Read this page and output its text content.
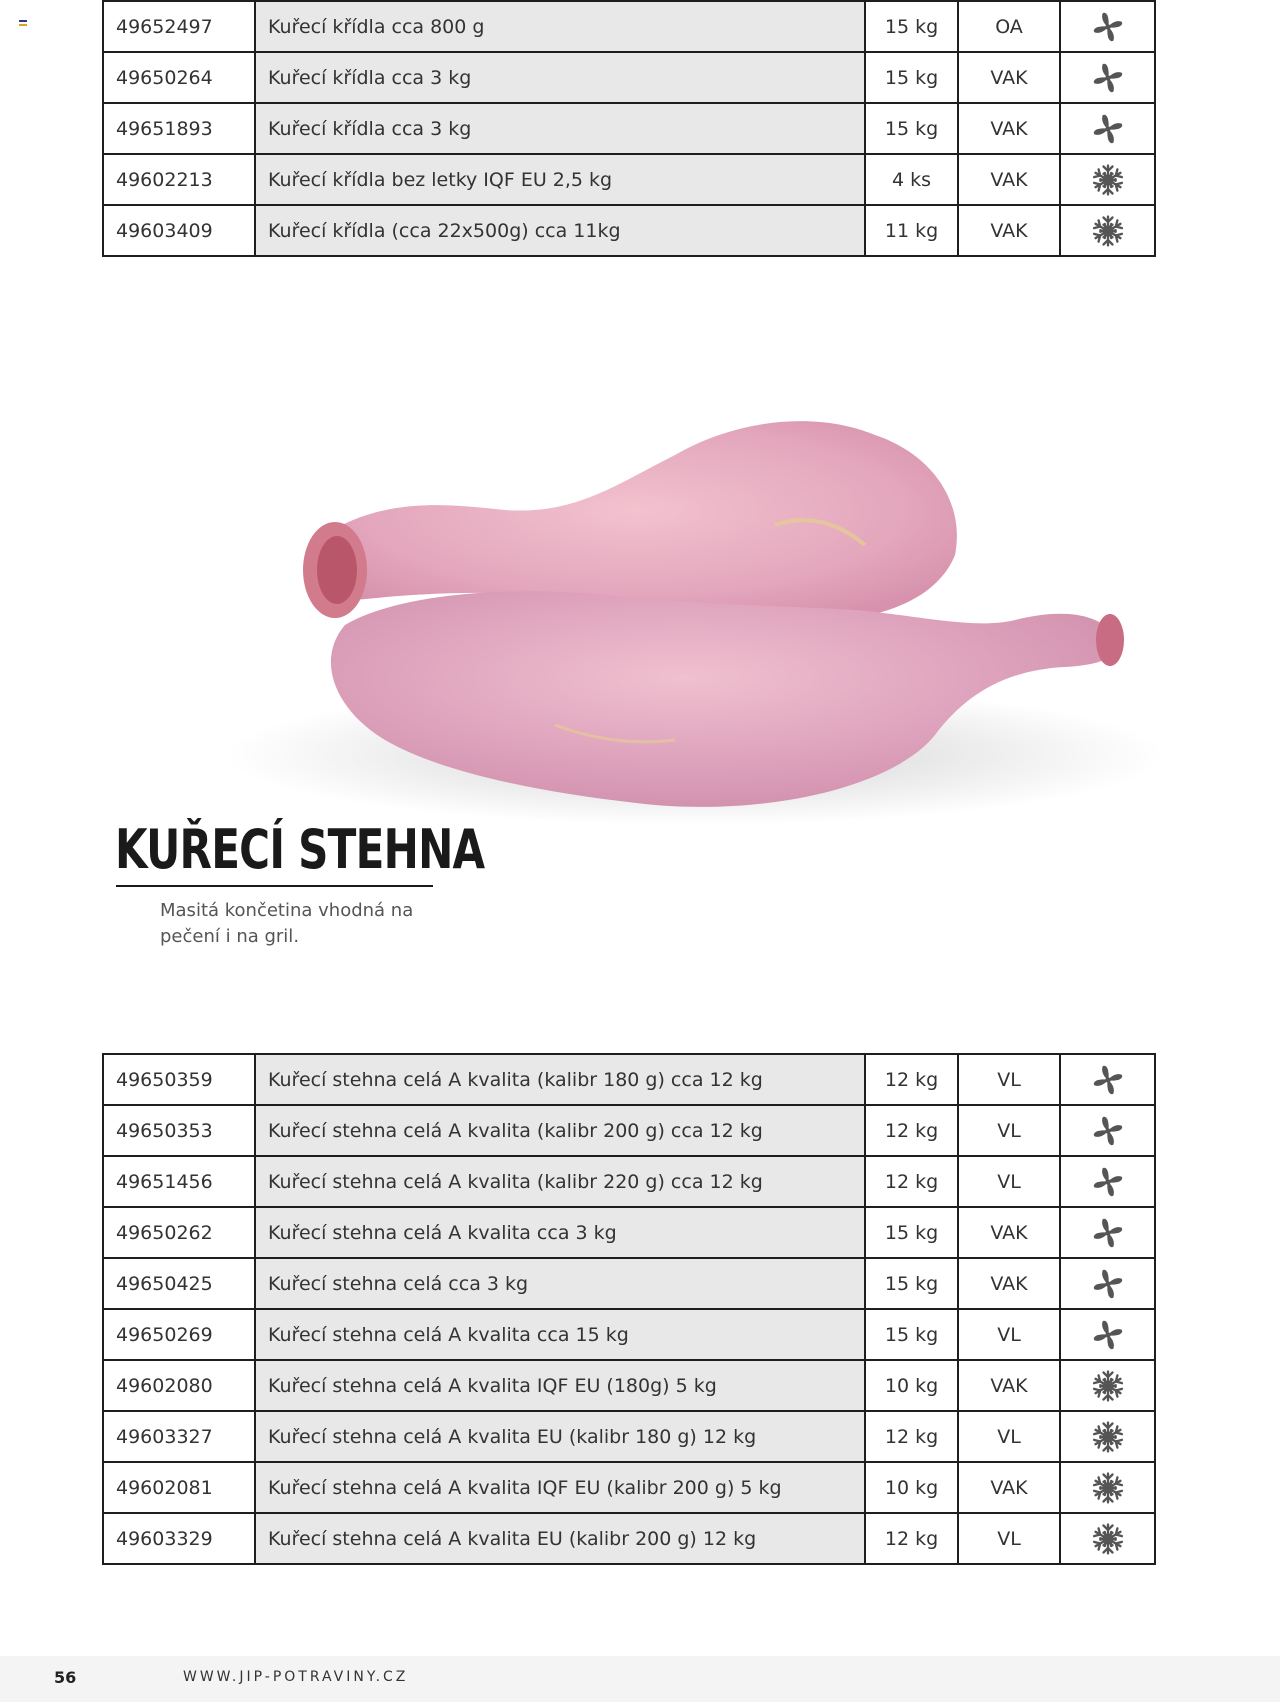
49652497	Kuřecí křídla cca 800 g	15 kg	OA	
49650264	Kuřecí křídla cca 3 kg	15 kg	VAK	
49651893	Kuřecí křídla cca 3 kg	15 kg	VAK	
49602213	Kuřecí křídla bez letky IQF EU 2,5 kg	4 ks	VAK	
49603409	Kuřecí křídla (cca 22x500g) cca 11kg	11 kg	VAK	
KUŘECÍ STEHNA

Masitá končetina vhodná na pečení i na gril.

49650359	Kuřecí stehna celá A kvalita (kalibr 180 g) cca 12 kg	12 kg	VL	
49650353	Kuřecí stehna celá A kvalita (kalibr 200 g) cca 12 kg	12 kg	VL	
49651456	Kuřecí stehna celá A kvalita (kalibr 220 g) cca 12 kg	12 kg	VL	
49650262	Kuřecí stehna celá A kvalita cca 3 kg	15 kg	VAK	
49650425	Kuřecí stehna celá cca 3 kg	15 kg	VAK	
49650269	Kuřecí stehna celá A kvalita cca 15 kg	15 kg	VL	
49602080	Kuřecí stehna celá A kvalita IQF EU (180g) 5 kg	10 kg	VAK	
49603327	Kuřecí stehna celá A kvalita EU (kalibr 180 g) 12 kg	12 kg	VL	
49602081	Kuřecí stehna celá A kvalita IQF EU (kalibr 200 g) 5 kg	10 kg	VAK	
49603329	Kuřecí stehna celá A kvalita EU (kalibr 200 g) 12 kg	12 kg	VL	
56	WWW.JIP-POTRAVINY.CZ
